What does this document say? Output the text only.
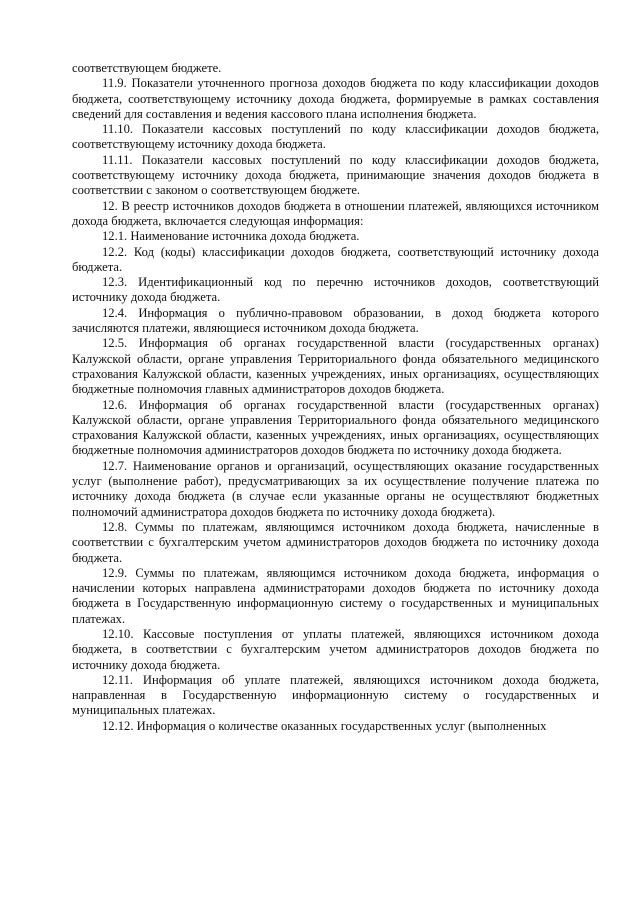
соответствующем бюджете.

11.9. Показатели уточненного прогноза доходов бюджета по коду классификации доходов бюджета, соответствующему источнику дохода бюджета, формируемые в рамках составления сведений для составления и ведения кассового плана исполнения бюджета.

11.10. Показатели кассовых поступлений по коду классификации доходов бюджета, соответствующему источнику дохода бюджета.

11.11. Показатели кассовых поступлений по коду классификации доходов бюджета, соответствующему источнику дохода бюджета, принимающие значения доходов бюджета в соответствии с законом о соответствующем бюджете.

12. В реестр источников доходов бюджета в отношении платежей, являющихся источником дохода бюджета, включается следующая информация:

12.1. Наименование источника дохода бюджета.

12.2. Код (коды) классификации доходов бюджета, соответствующий источнику дохода бюджета.

12.3. Идентификационный код по перечню источников доходов, соответствующий источнику дохода бюджета.

12.4. Информация о публично-правовом образовании, в доход бюджета которого зачисляются платежи, являющиеся источником дохода бюджета.

12.5. Информация об органах государственной власти (государственных органах) Калужской области, органе управления Территориального фонда обязательного медицинского страхования Калужской области, казенных учреждениях, иных организациях, осуществляющих бюджетные полномочия главных администраторов доходов бюджета.

12.6. Информация об органах государственной власти (государственных органах) Калужской области, органе управления Территориального фонда обязательного медицинского страхования Калужской области, казенных учреждениях, иных организациях, осуществляющих бюджетные полномочия администраторов доходов бюджета по источнику дохода бюджета.

12.7. Наименование органов и организаций, осуществляющих оказание государственных услуг (выполнение работ), предусматривающих за их осуществление получение платежа по источнику дохода бюджета (в случае если указанные органы не осуществляют бюджетных полномочий администратора доходов бюджета по источнику дохода бюджета).

12.8. Суммы по платежам, являющимся источником дохода бюджета, начисленные в соответствии с бухгалтерским учетом администраторов доходов бюджета по источнику дохода бюджета.

12.9. Суммы по платежам, являющимся источником дохода бюджета, информация о начислении которых направлена администраторами доходов бюджета по источнику дохода бюджета в Государственную информационную систему о государственных и муниципальных платежах.

12.10. Кассовые поступления от уплаты платежей, являющихся источником дохода бюджета, в соответствии с бухгалтерским учетом администраторов доходов бюджета по источнику дохода бюджета.

12.11. Информация об уплате платежей, являющихся источником дохода бюджета, направленная в Государственную информационную систему о государственных и муниципальных платежах.

12.12. Информация о количестве оказанных государственных услуг (выполненных
